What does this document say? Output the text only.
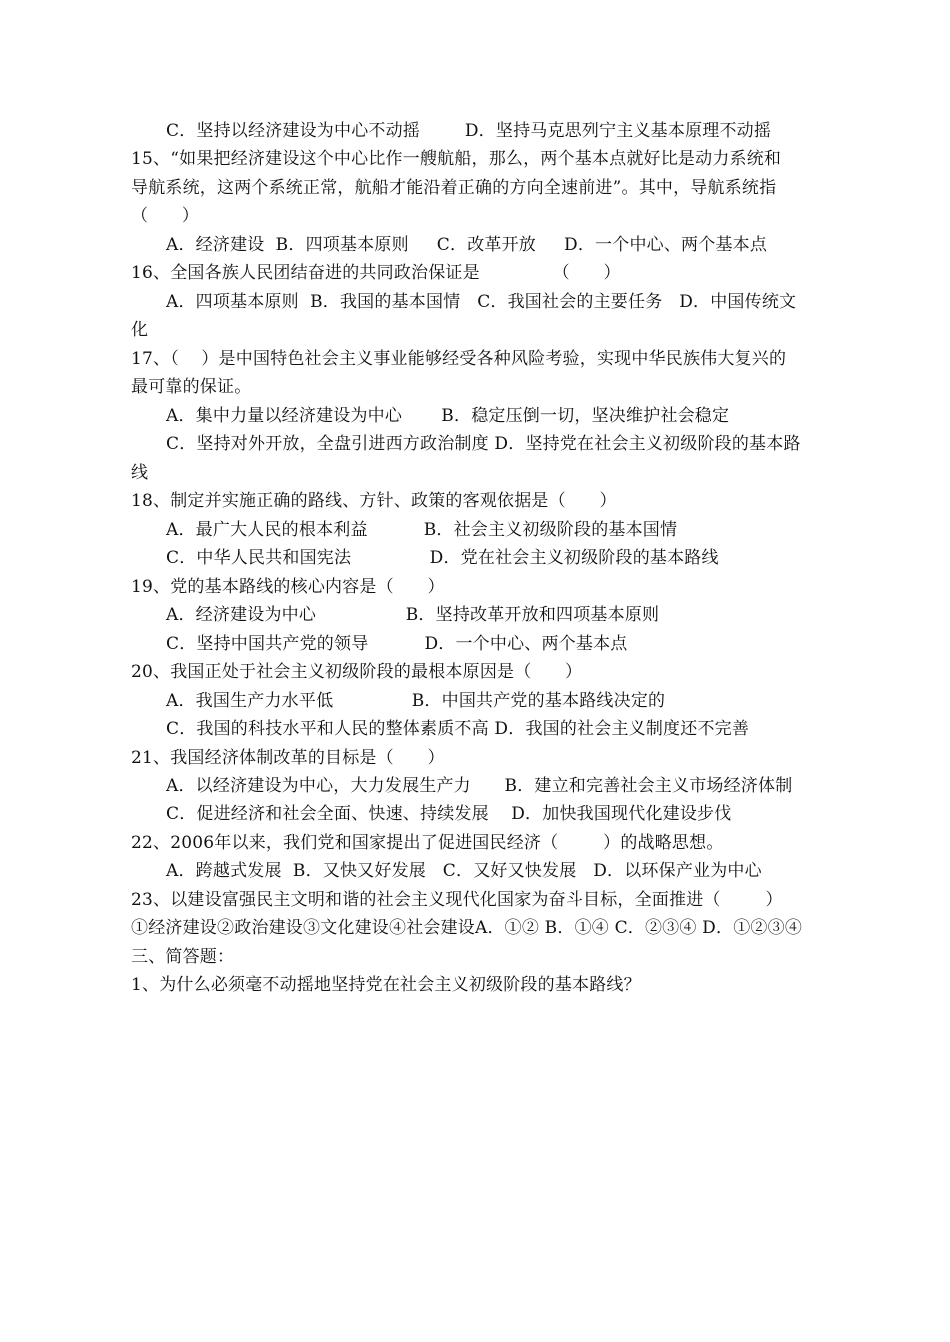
C．坚持以经济建设为中心不动摇        D．坚持马克思列宁主义基本原理不动摇
15、“如果把经济建设这个中心比作一艘航船，那么，两个基本点就好比是动力系统和
导航系统，这两个系统正常，航船才能沿着正确的方向全速前进”。其中，导航系统指
（      ）
A．经济建设  B．四项基本原则     C．改革开放     D．一个中心、两个基本点
16、全国各族人民团结奋进的共同政治保证是             （      ）
A．四项基本原则  B．我国的基本国情   C．我国社会的主要任务   D．中国传统文
化
17、（    ）是中国特色社会主义事业能够经受各种风险考验，实现中华民族伟大复兴的
最可靠的保证。
A．集中力量以经济建设为中心       B．稳定压倒一切，坚决维护社会稳定
C．坚持对外开放，全盘引进西方政治制度 D．坚持党在社会主义初级阶段的基本路
线
18、制定并实施正确的路线、方针、政策的客观依据是（      ）
A．最广大人民的根本利益          B．社会主义初级阶段的基本国情
C．中华人民共和国宪法              D．党在社会主义初级阶段的基本路线
19、党的基本路线的核心内容是（      ）
A．经济建设为中心                B．坚持改革开放和四项基本原则
C．坚持中国共产党的领导          D．一个中心、两个基本点
20、我国正处于社会主义初级阶段的最根本原因是（      ）
A．我国生产力水平低              B．中国共产党的基本路线决定的
C．我国的科技水平和人民的整体素质不高 D．我国的社会主义制度还不完善
21、我国经济体制改革的目标是（      ）
A．以经济建设为中心，大力发展生产力      B．建立和完善社会主义市场经济体制
C．促进经济和社会全面、快速、持续发展    D．加快我国现代化建设步伐
22、2006年以来，我们党和国家提出了促进国民经济（        ）的战略思想。
A．跨越式发展  B．又快又好发展   C．又好又快发展   D．以环保产业为中心
23、以建设富强民主文明和谐的社会主义现代化国家为奋斗目标，全面推进（        ）
①经济建设②政治建设③文化建设④社会建设A．①② B．①④ C．②③④ D．①②③④
三、简答题：
1、为什么必须毫不动摇地坚持党在社会主义初级阶段的基本路线？
